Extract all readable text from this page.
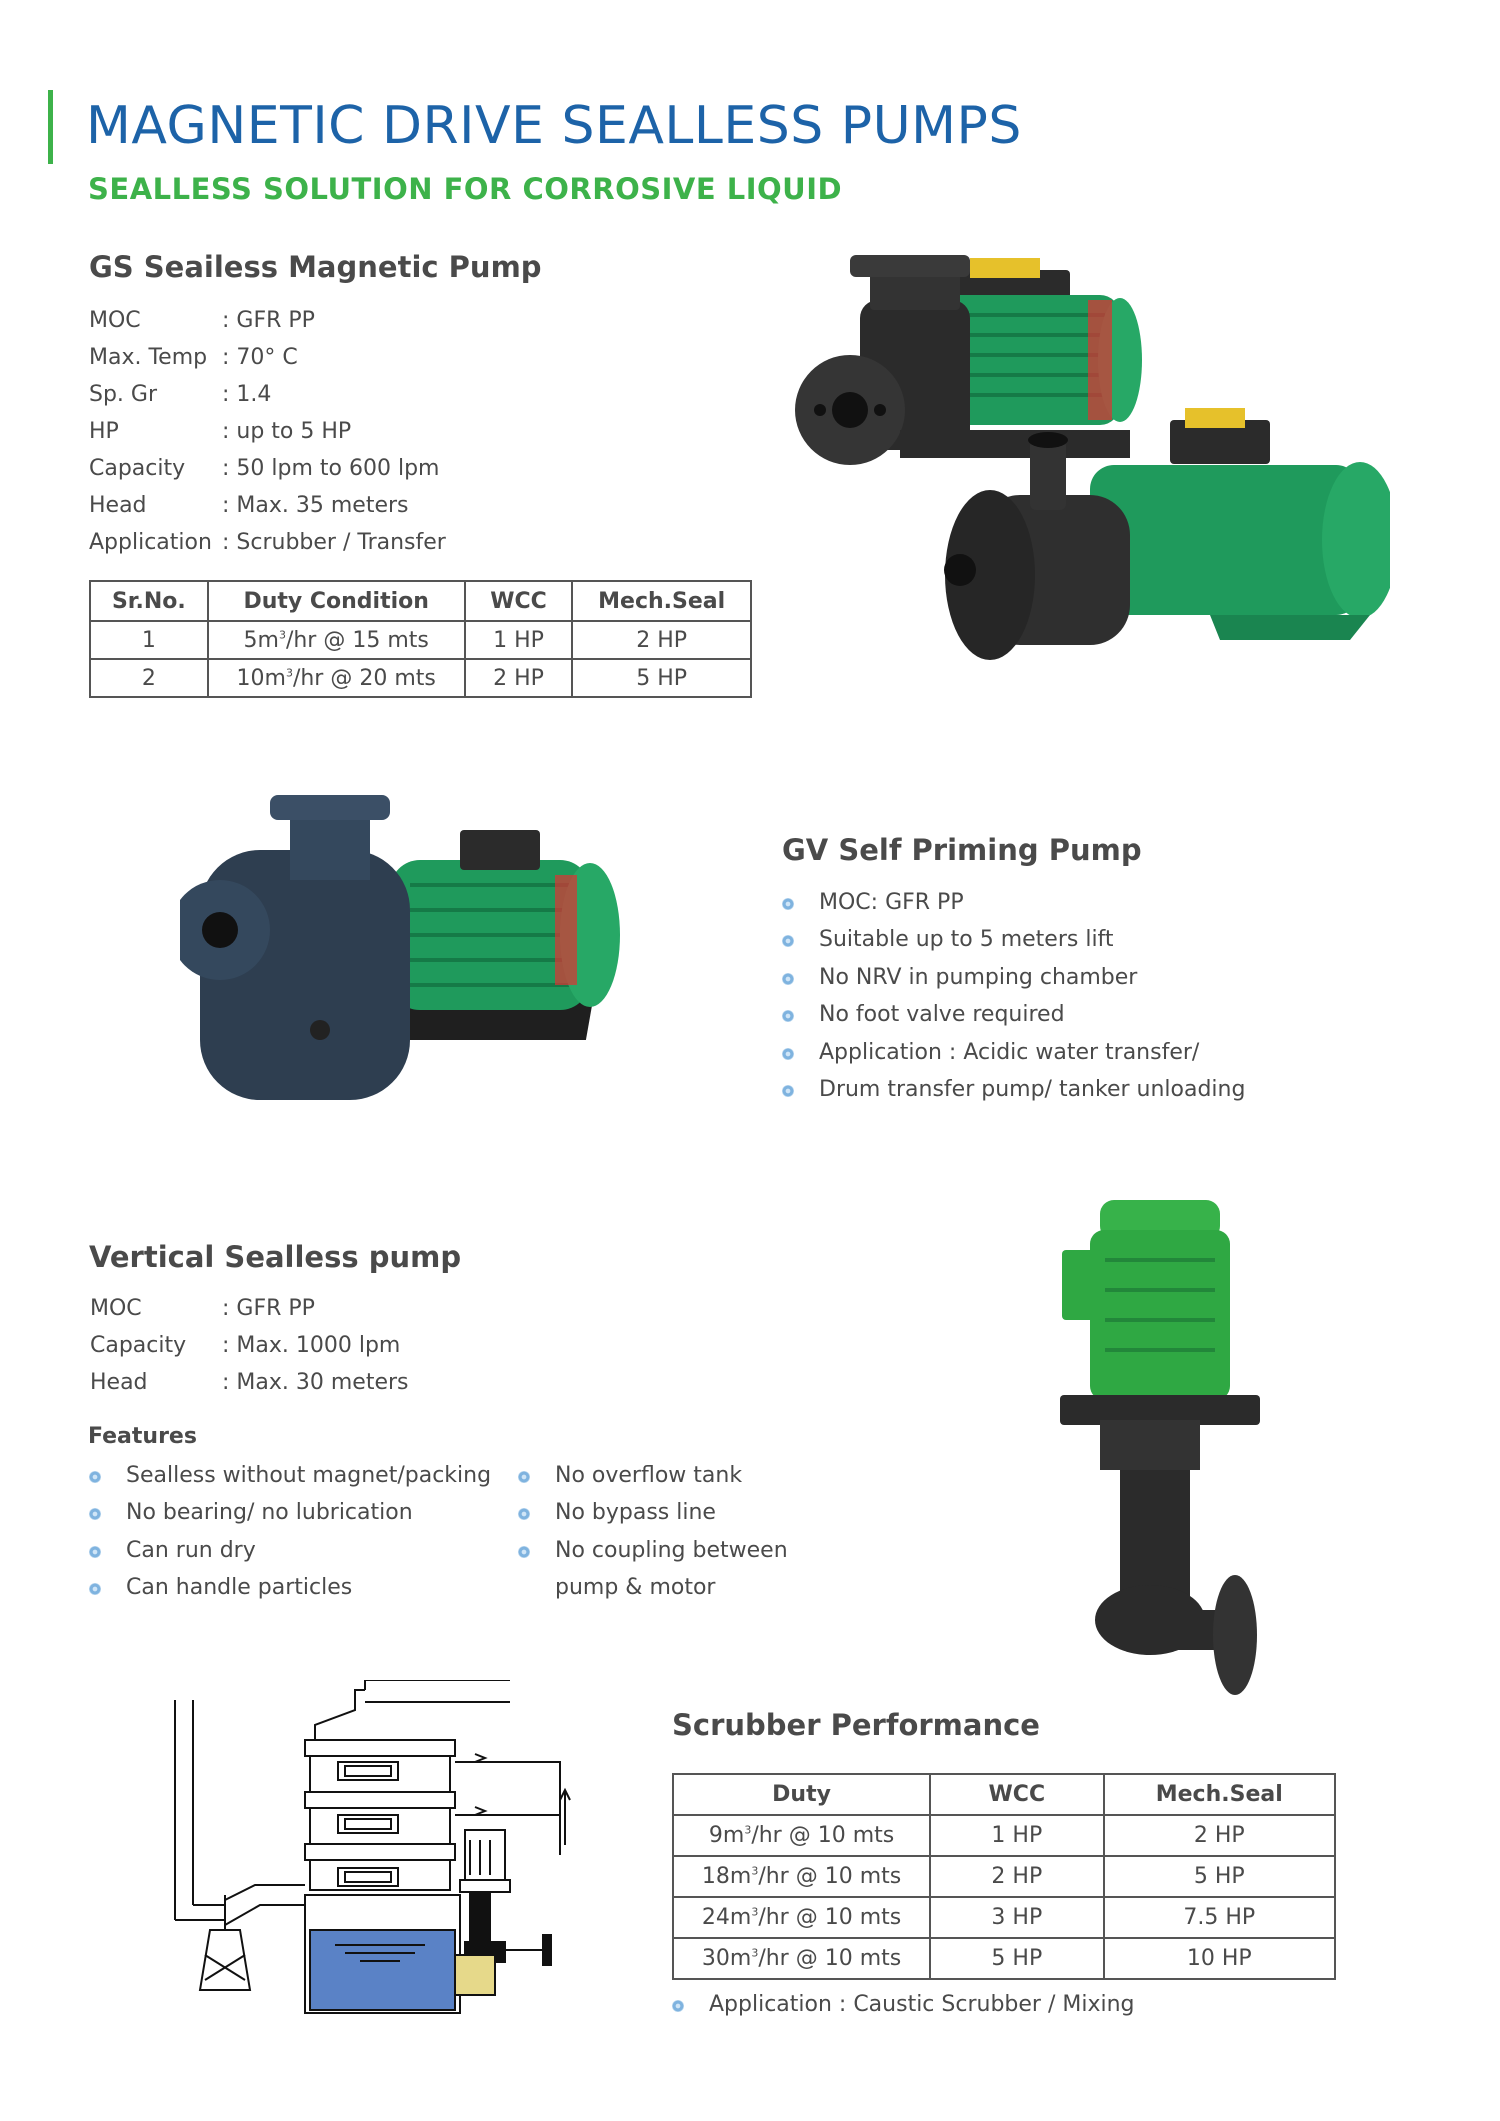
MAGNETIC DRIVE SEALLESS PUMPS
SEALLESS SOLUTION FOR CORROSIVE LIQUID
GS Seailess Magnetic Pump
MOC	: GFR PP
Max. Temp : 70° C
Sp. Gr	: 1.4
HP	: up to 5 HP
Capacity : 50 lpm to 600 lpm
Head	: Max. 35 meters
Application : Scrubber / Transfer
Sr.No.	Duty Condition	WCC	Mech.Seal
1	$5m^3/hr$ @ 15 mts	1 HP	2 HP
2	$10m^3/hr$ @ 20 mts	2 HP	5 HP
GV Self Priming Pump
MOC: GFR PP
Suitable up to 5 meters lift
No NRV in pumping chamber
No foot valve required
Application : Acidic water transfer/
Drum transfer pump/ tanker unloading
Vertical Sealless pump
MOC	: GFR PP
Capacity : Max. 1000 lpm
Head	: Max. 30 meters
Features
Sealless without magnet/packing
No bearing/ no lubrication
Can run dry
Can handle particles
No overflow tank
No bypass line
No coupling between
pump & motor
Scrubber Performance
Duty	WCC	Mech.Seal
$9m^3/hr$ @ 10 mts	1 HP	2 HP
$18m^3/hr$ @ 10 mts	2 HP	5 HP
$24m^3/hr$ @ 10 mts	3 HP	7.5 HP
$30m^3/hr$ @ 10 mts	5 HP	10 HP
Application : Caustic Scrubber / Mixing
